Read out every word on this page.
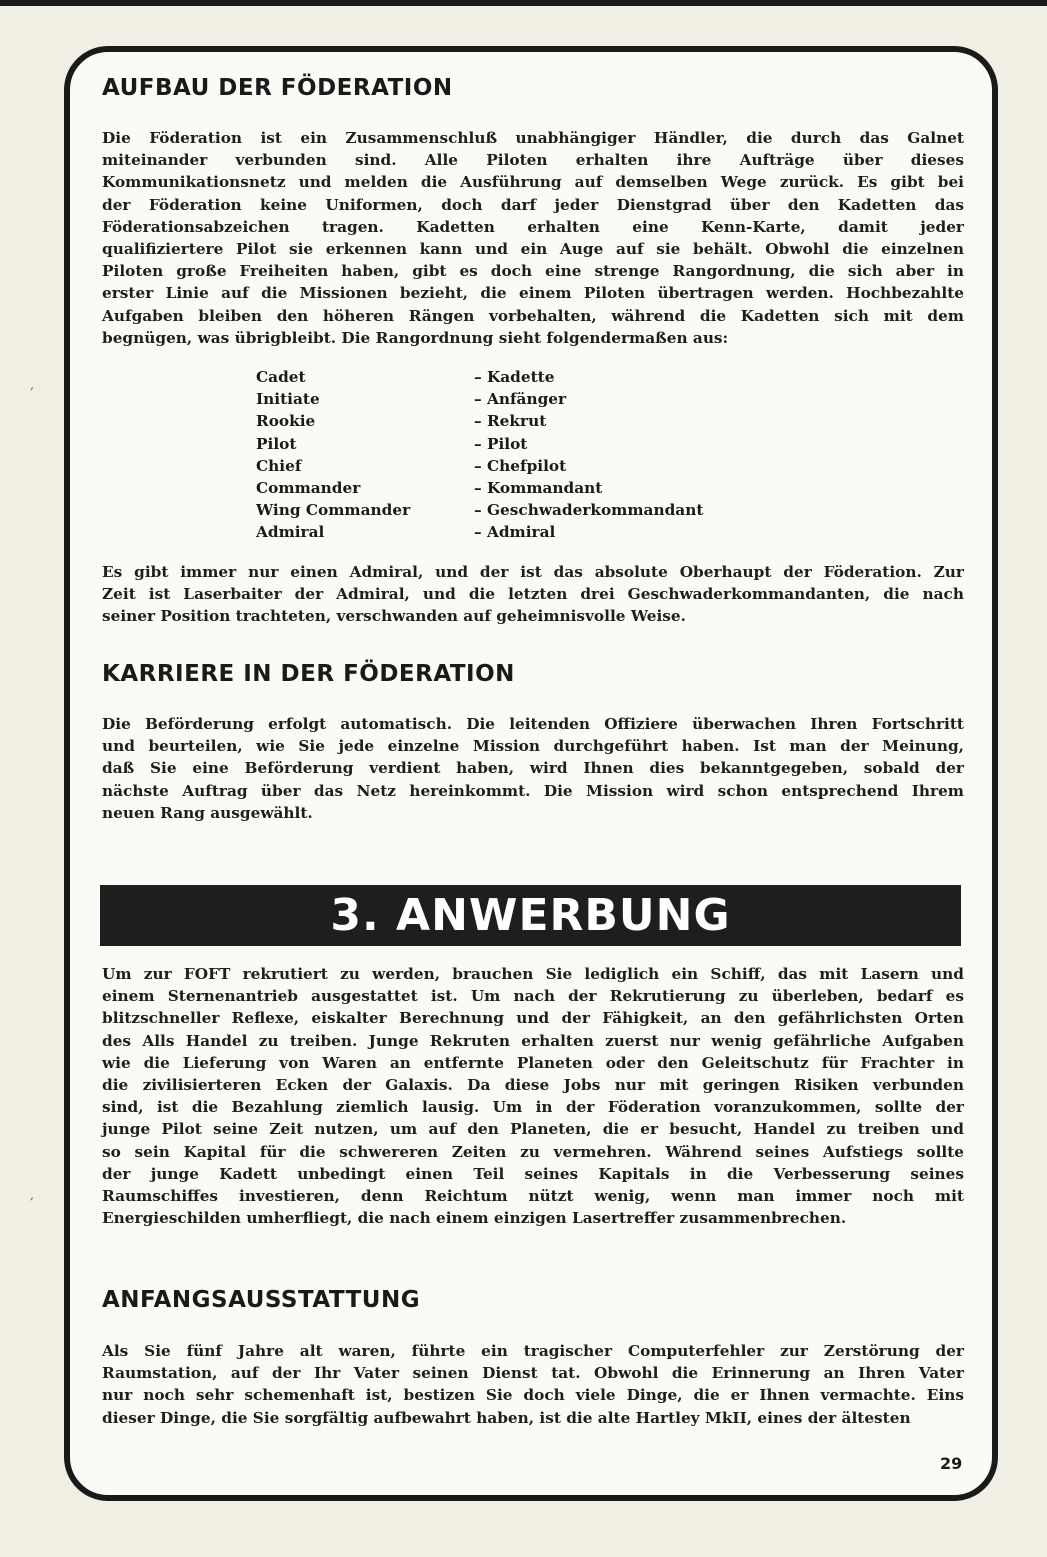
AUFBAU DER FÖDERATION
Die Föderation ist ein Zusammenschluß unabhängiger Händler, die durch das Galnet
miteinander verbunden sind. Alle Piloten erhalten ihre Aufträge über dieses
Kommunikationsnetz und melden die Ausführung auf demselben Wege zurück. Es gibt bei
der Föderation keine Uniformen, doch darf jeder Dienstgrad über den Kadetten das
Föderationsabzeichen tragen. Kadetten erhalten eine Kenn-Karte, damit jeder
qualifiziertere Pilot sie erkennen kann und ein Auge auf sie behält. Obwohl die einzelnen
Piloten große Freiheiten haben, gibt es doch eine strenge Rangordnung, die sich aber in
erster Linie auf die Missionen bezieht, die einem Piloten übertragen werden. Hochbezahlte
Aufgaben bleiben den höheren Rängen vorbehalten, während die Kadetten sich mit dem
begnügen, was übrigbleibt. Die Rangordnung sieht folgendermaßen aus:
Cadet	– Kadette
Initiate	– Anfänger
Rookie	– Rekrut
Pilot	– Pilot
Chief	– Chefpilot
Commander	– Kommandant
Wing Commander	– Geschwaderkommandant
Admiral	– Admiral
Es gibt immer nur einen Admiral, und der ist das absolute Oberhaupt der Föderation. Zur
Zeit ist Laserbaiter der Admiral, und die letzten drei Geschwaderkommandanten, die nach
seiner Position trachteten, verschwanden auf geheimnisvolle Weise.
KARRIERE IN DER FÖDERATION
Die Beförderung erfolgt automatisch. Die leitenden Offiziere überwachen Ihren Fortschritt
und beurteilen, wie Sie jede einzelne Mission durchgeführt haben. Ist man der Meinung,
daß Sie eine Beförderung verdient haben, wird Ihnen dies bekanntgegeben, sobald der
nächste Auftrag über das Netz hereinkommt. Die Mission wird schon entsprechend Ihrem
neuen Rang ausgewählt.
3. ANWERBUNG
Um zur FOFT rekrutiert zu werden, brauchen Sie lediglich ein Schiff, das mit Lasern und
einem Sternenantrieb ausgestattet ist. Um nach der Rekrutierung zu überleben, bedarf es
blitzschneller Reflexe, eiskalter Berechnung und der Fähigkeit, an den gefährlichsten Orten
des Alls Handel zu treiben. Junge Rekruten erhalten zuerst nur wenig gefährliche Aufgaben
wie die Lieferung von Waren an entfernte Planeten oder den Geleitschutz für Frachter in
die zivilisierteren Ecken der Galaxis. Da diese Jobs nur mit geringen Risiken verbunden
sind, ist die Bezahlung ziemlich lausig. Um in der Föderation voranzukommen, sollte der
junge Pilot seine Zeit nutzen, um auf den Planeten, die er besucht, Handel zu treiben und
so sein Kapital für die schwereren Zeiten zu vermehren. Während seines Aufstiegs sollte
der junge Kadett unbedingt einen Teil seines Kapitals in die Verbesserung seines
Raumschiffes investieren, denn Reichtum nützt wenig, wenn man immer noch mit
Energieschilden umherfliegt, die nach einem einzigen Lasertreffer zusammenbrechen.
ANFANGSAUSSTATTUNG
Als Sie fünf Jahre alt waren, führte ein tragischer Computerfehler zur Zerstörung der
Raumstation, auf der Ihr Vater seinen Dienst tat. Obwohl die Erinnerung an Ihren Vater
nur noch sehr schemenhaft ist, bestizen Sie doch viele Dinge, die er Ihnen vermachte. Eins
dieser Dinge, die Sie sorgfältig aufbewahrt haben, ist die alte Hartley MkII, eines der ältesten
29
‚
‚
